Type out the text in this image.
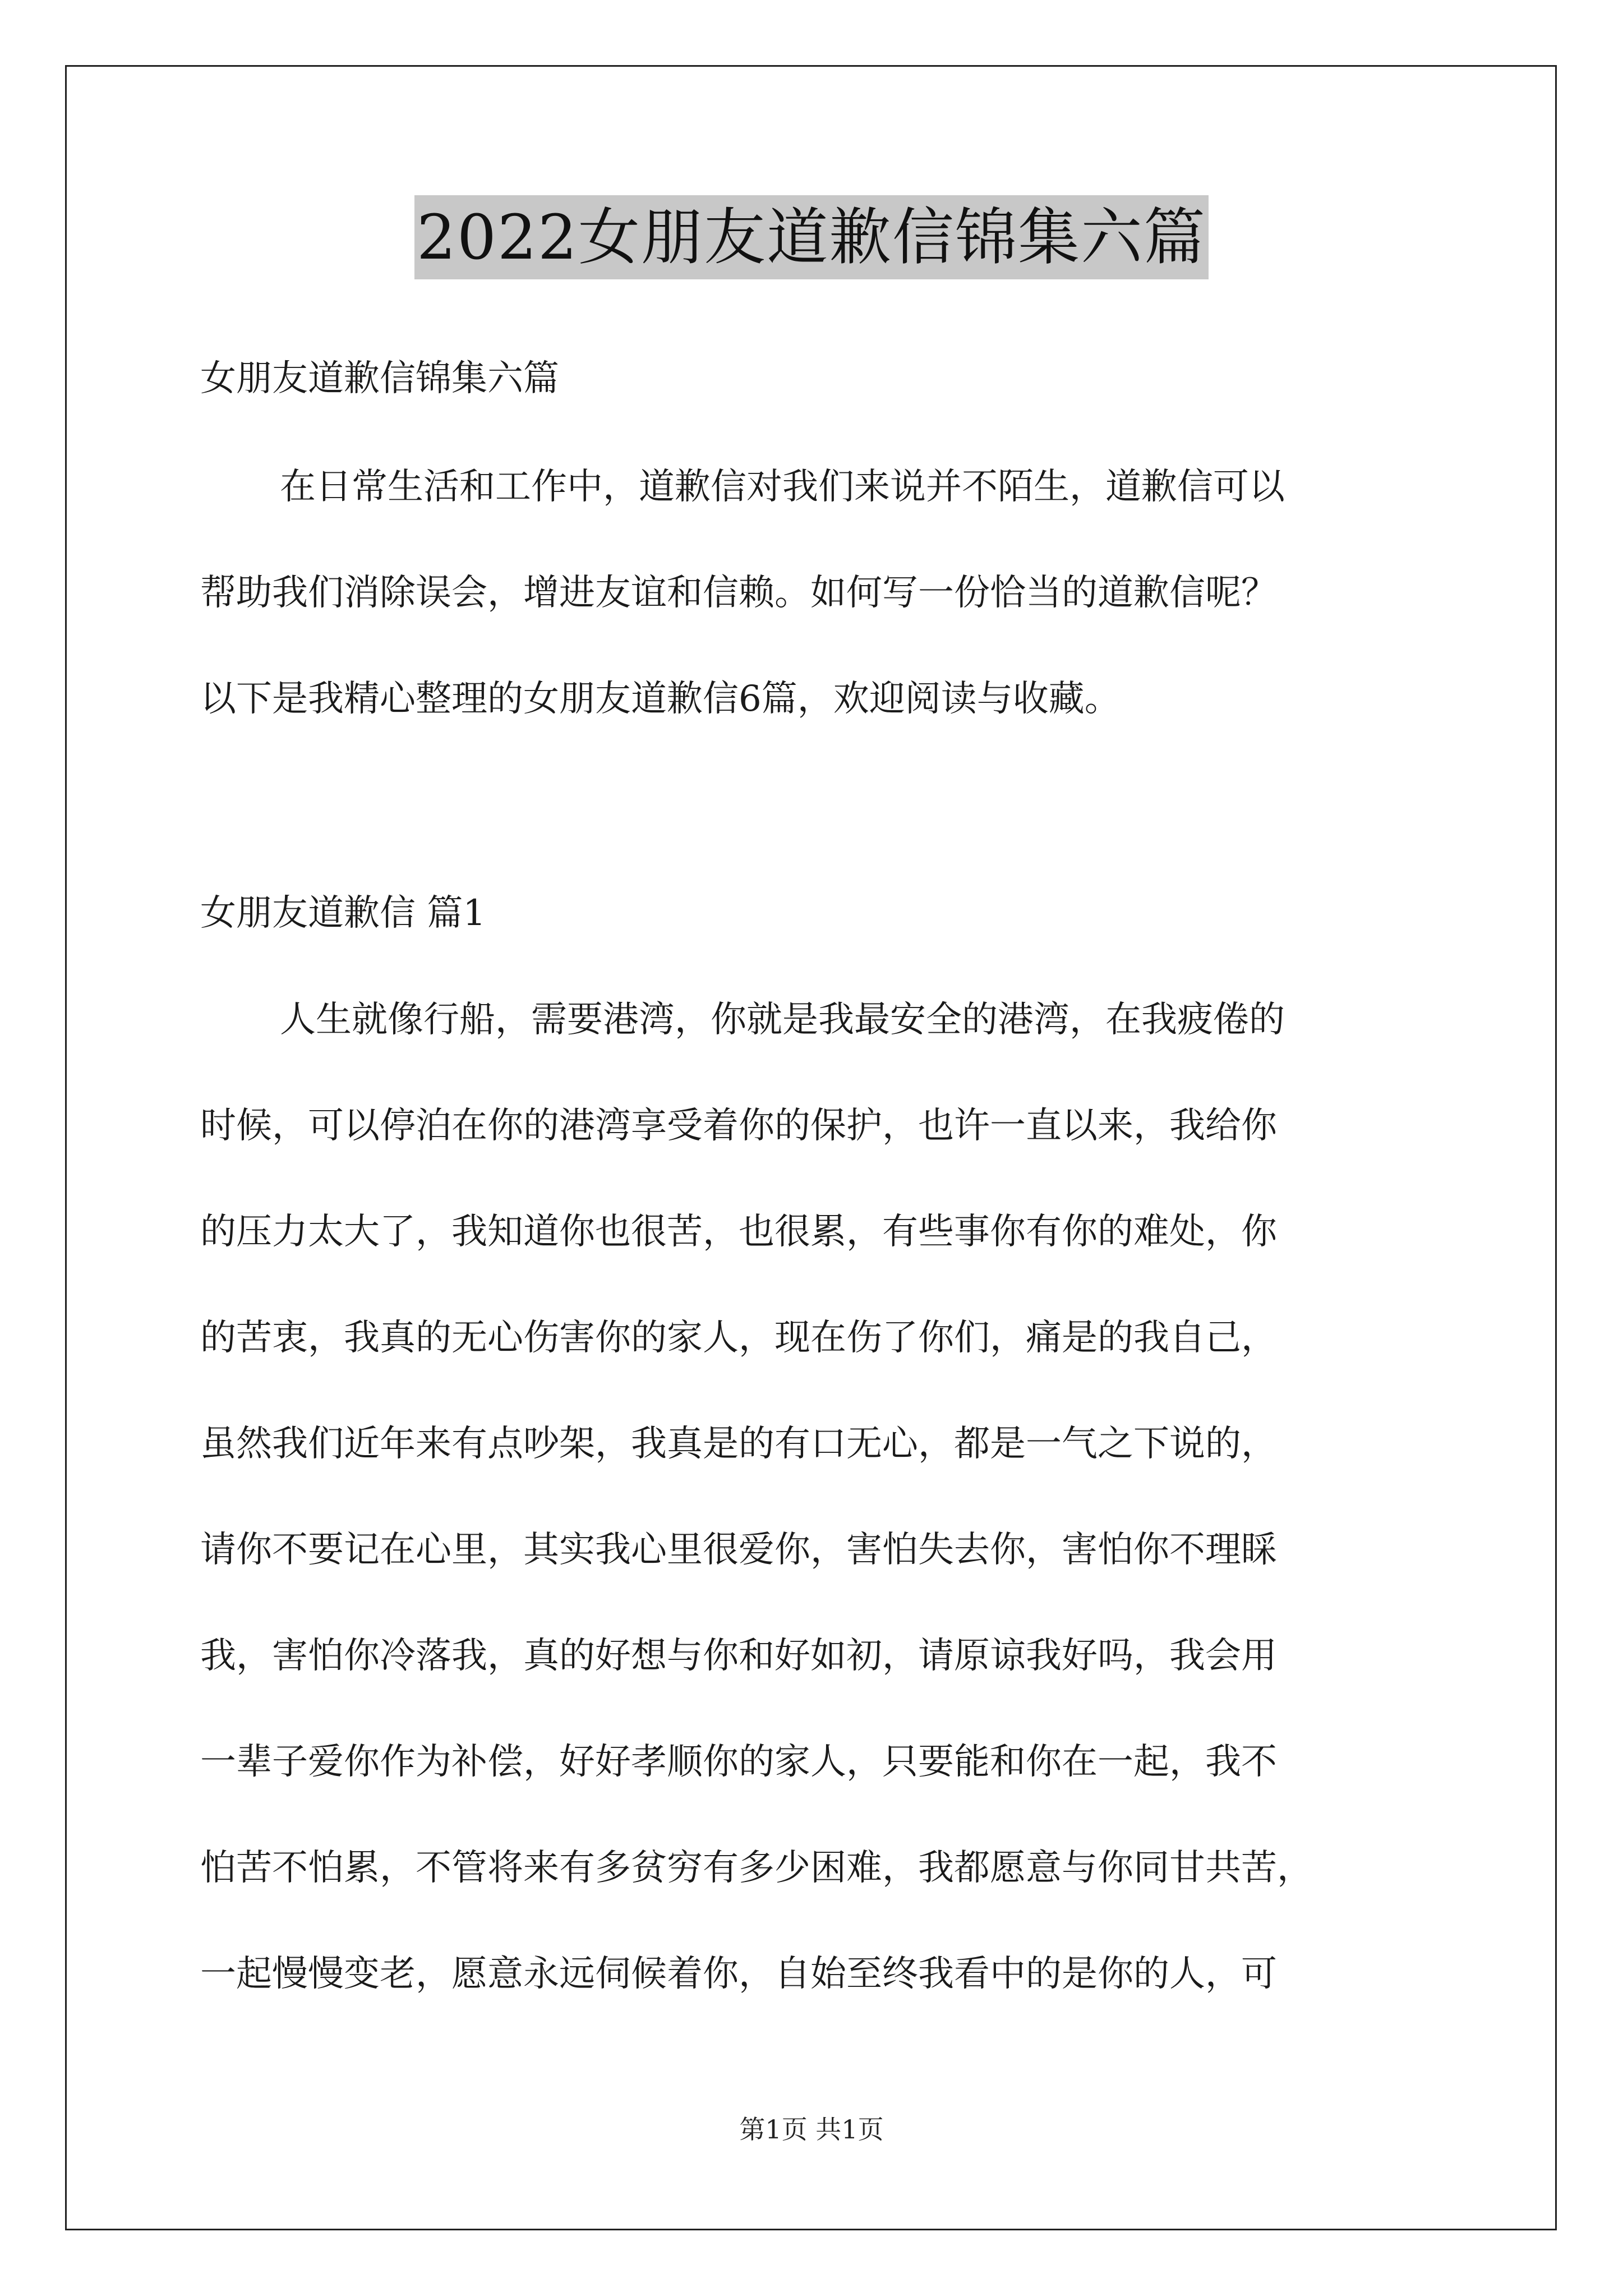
2022女朋友道歉信锦集六篇
女朋友道歉信锦集六篇
在日常生活和工作中，道歉信对我们来说并不陌生，道歉信可以
帮助我们消除误会，增进友谊和信赖。如何写一份恰当的道歉信呢？
以下是我精心整理的女朋友道歉信6篇，欢迎阅读与收藏。
女朋友道歉信 篇1
人生就像行船，需要港湾，你就是我最安全的港湾，在我疲倦的
时候，可以停泊在你的港湾享受着你的保护，也许一直以来，我给你
的压力太大了，我知道你也很苦，也很累，有些事你有你的难处，你
的苦衷，我真的无心伤害你的家人，现在伤了你们，痛是的我自己，
虽然我们近年来有点吵架，我真是的有口无心，都是一气之下说的，
请你不要记在心里，其实我心里很爱你，害怕失去你，害怕你不理睬
我，害怕你冷落我，真的好想与你和好如初，请原谅我好吗，我会用
一辈子爱你作为补偿，好好孝顺你的家人，只要能和你在一起，我不
怕苦不怕累，不管将来有多贫穷有多少困难，我都愿意与你同甘共苦，
一起慢慢变老，愿意永远伺候着你，自始至终我看中的是你的人，可
第1页 共1页
